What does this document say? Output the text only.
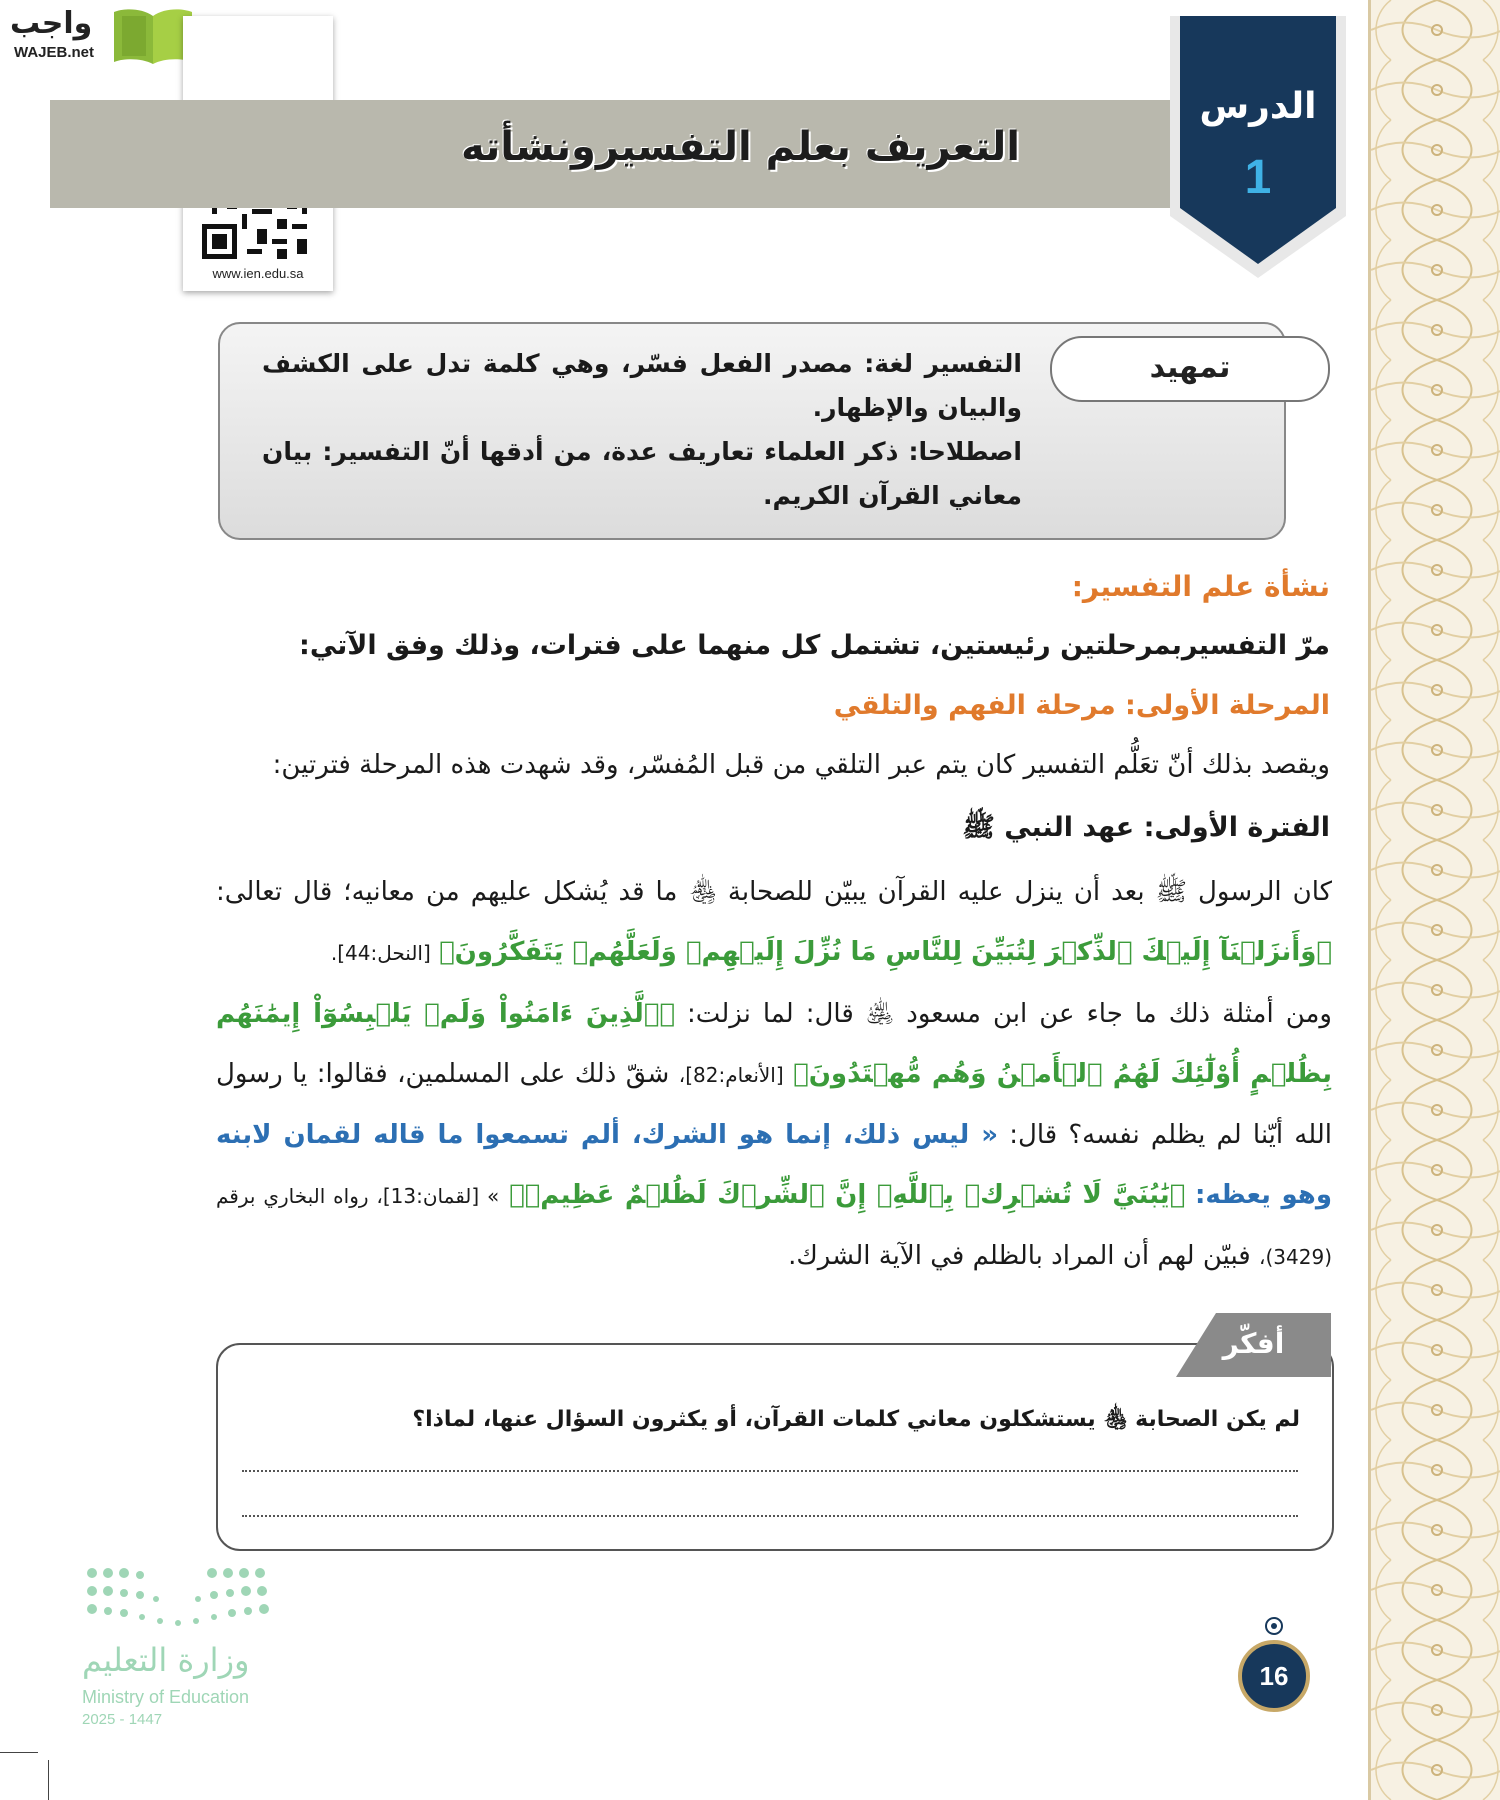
واجب
WAJEB.net
www.ien.edu.sa
التعريف بعلم التفسيرونشأته
الدرس
1
تمهيد
التفسير لغة: مصدر الفعل فسّر، وهي كلمة تدل على الكشف والبيان والإظهار.
اصطلاحا: ذكر العلماء تعاريف عدة، من أدقها أنّ التفسير: بيان معاني القرآن الكريم.
نشأة علم التفسير:
مرّ التفسيربمرحلتين رئيستين، تشتمل كل منهما على فترات، وذلك وفق الآتي:
المرحلة الأولى: مرحلة الفهم والتلقي
ويقصد بذلك أنّ تعَلُّم التفسير كان يتم عبر التلقي من قبل المُفسّر، وقد شهدت هذه المرحلة فترتين:
الفترة الأولى: عهد النبي ﷺ
كان الرسول ﷺ بعد أن ينزل عليه القرآن يبيّن للصحابة ﵃ ما قد يُشكل عليهم من معانيه؛ قال تعالى: ﴿وَأَنزَلۡنَآ إِلَيۡكَ ٱلذِّكۡرَ لِتُبَيِّنَ لِلنَّاسِ مَا نُزِّلَ إِلَيۡهِمۡ وَلَعَلَّهُمۡ يَتَفَكَّرُونَ﴾ [النحل:44].
ومن أمثلة ذلك ما جاء عن ابن مسعود ﵁ قال: لما نزلت: ﴿ٱلَّذِينَ ءَامَنُواْ وَلَمۡ يَلۡبِسُوٓاْ إِيمَٰنَهُم بِظُلۡمٍ أُوْلَٰٓئِكَ لَهُمُ ٱلۡأَمۡنُ وَهُم مُّهۡتَدُونَ﴾ [الأنعام:82]، شقّ ذلك على المسلمين، فقالوا: يا رسول الله أيّنا لم يظلم نفسه؟ قال: « ليس ذلك، إنما هو الشرك، ألم تسمعوا ما قاله لقمان لابنه وهو يعظه: ﴿يَٰبُنَيَّ لَا تُشۡرِكۡ بِٱللَّهِۖ إِنَّ ٱلشِّرۡكَ لَظُلۡمٌ عَظِيمٞ﴾ » [لقمان:13]، رواه البخاري برقم (3429)، فبيّن لهم أن المراد بالظلم في الآية الشرك.
أفكّر
لم يكن الصحابة ﵃ يستشكلون معاني كلمات القرآن، أو يكثرون السؤال عنها، لماذا؟
وزارة التعليم
Ministry of Education
2025 - 1447
16
